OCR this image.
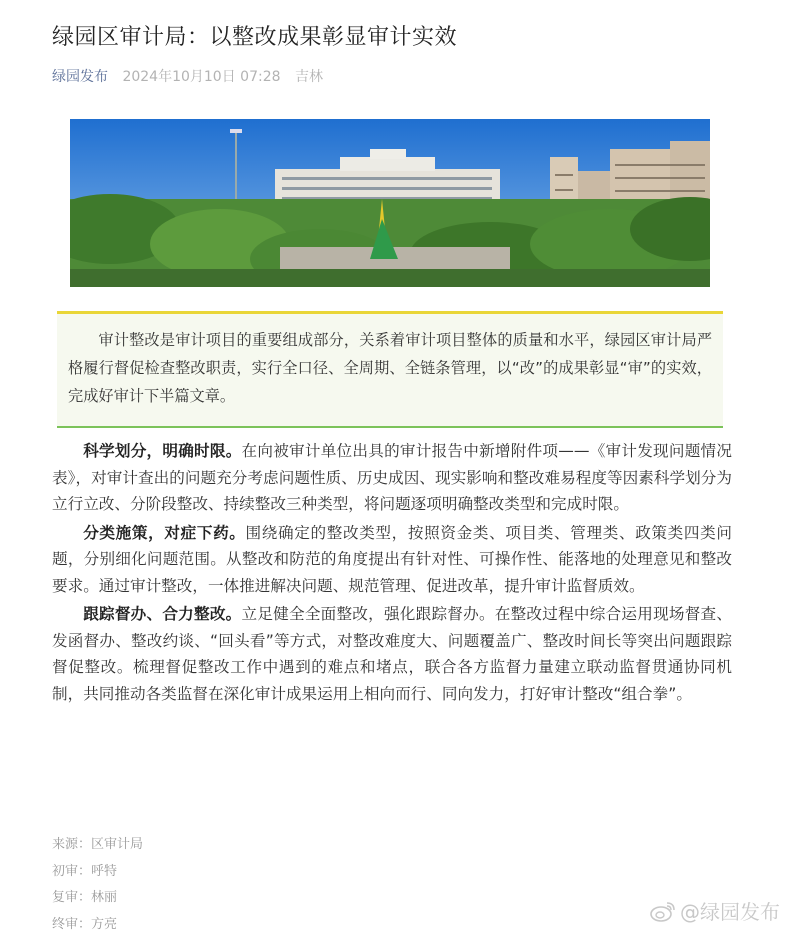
绿园区审计局：以整改成果彰显审计实效
绿园发布 2024年10月10日 07:28 吉林

审计整改是审计项目的重要组成部分，关系着审计项目整体的质量和水平，绿园区审计局严格履行督促检查整改职责，实行全口径、全周期、全链条管理，以“改”的成果彰显“审”的实效，完成好审计下半篇文章。

科学划分，明确时限。在向被审计单位出具的审计报告中新增附件项——《审计发现问题情况表》，对审计查出的问题充分考虑问题性质、历史成因、现实影响和整改难易程度等因素科学划分为立行立改、分阶段整改、持续整改三种类型，将问题逐项明确整改类型和完成时限。

分类施策，对症下药。围绕确定的整改类型，按照资金类、项目类、管理类、政策类四类问题，分别细化问题范围。从整改和防范的角度提出有针对性、可操作性、能落地的处理意见和整改要求。通过审计整改，一体推进解决问题、规范管理、促进改革，提升审计监督质效。

跟踪督办、合力整改。立足健全全面整改，强化跟踪督办。在整改过程中综合运用现场督查、发函督办、整改约谈、“回头看”等方式，对整改难度大、问题覆盖广、整改时间长等突出问题跟踪督促整改。梳理督促整改工作中遇到的难点和堵点，联合各方监督力量建立联动监督贯通协同机制，共同推动各类监督在深化审计成果运用上相向而行、同向发力，打好审计整改“组合拳”。

来源：区审计局
初审：呼特
复审：林丽
终审：方亮	@绿园发布
